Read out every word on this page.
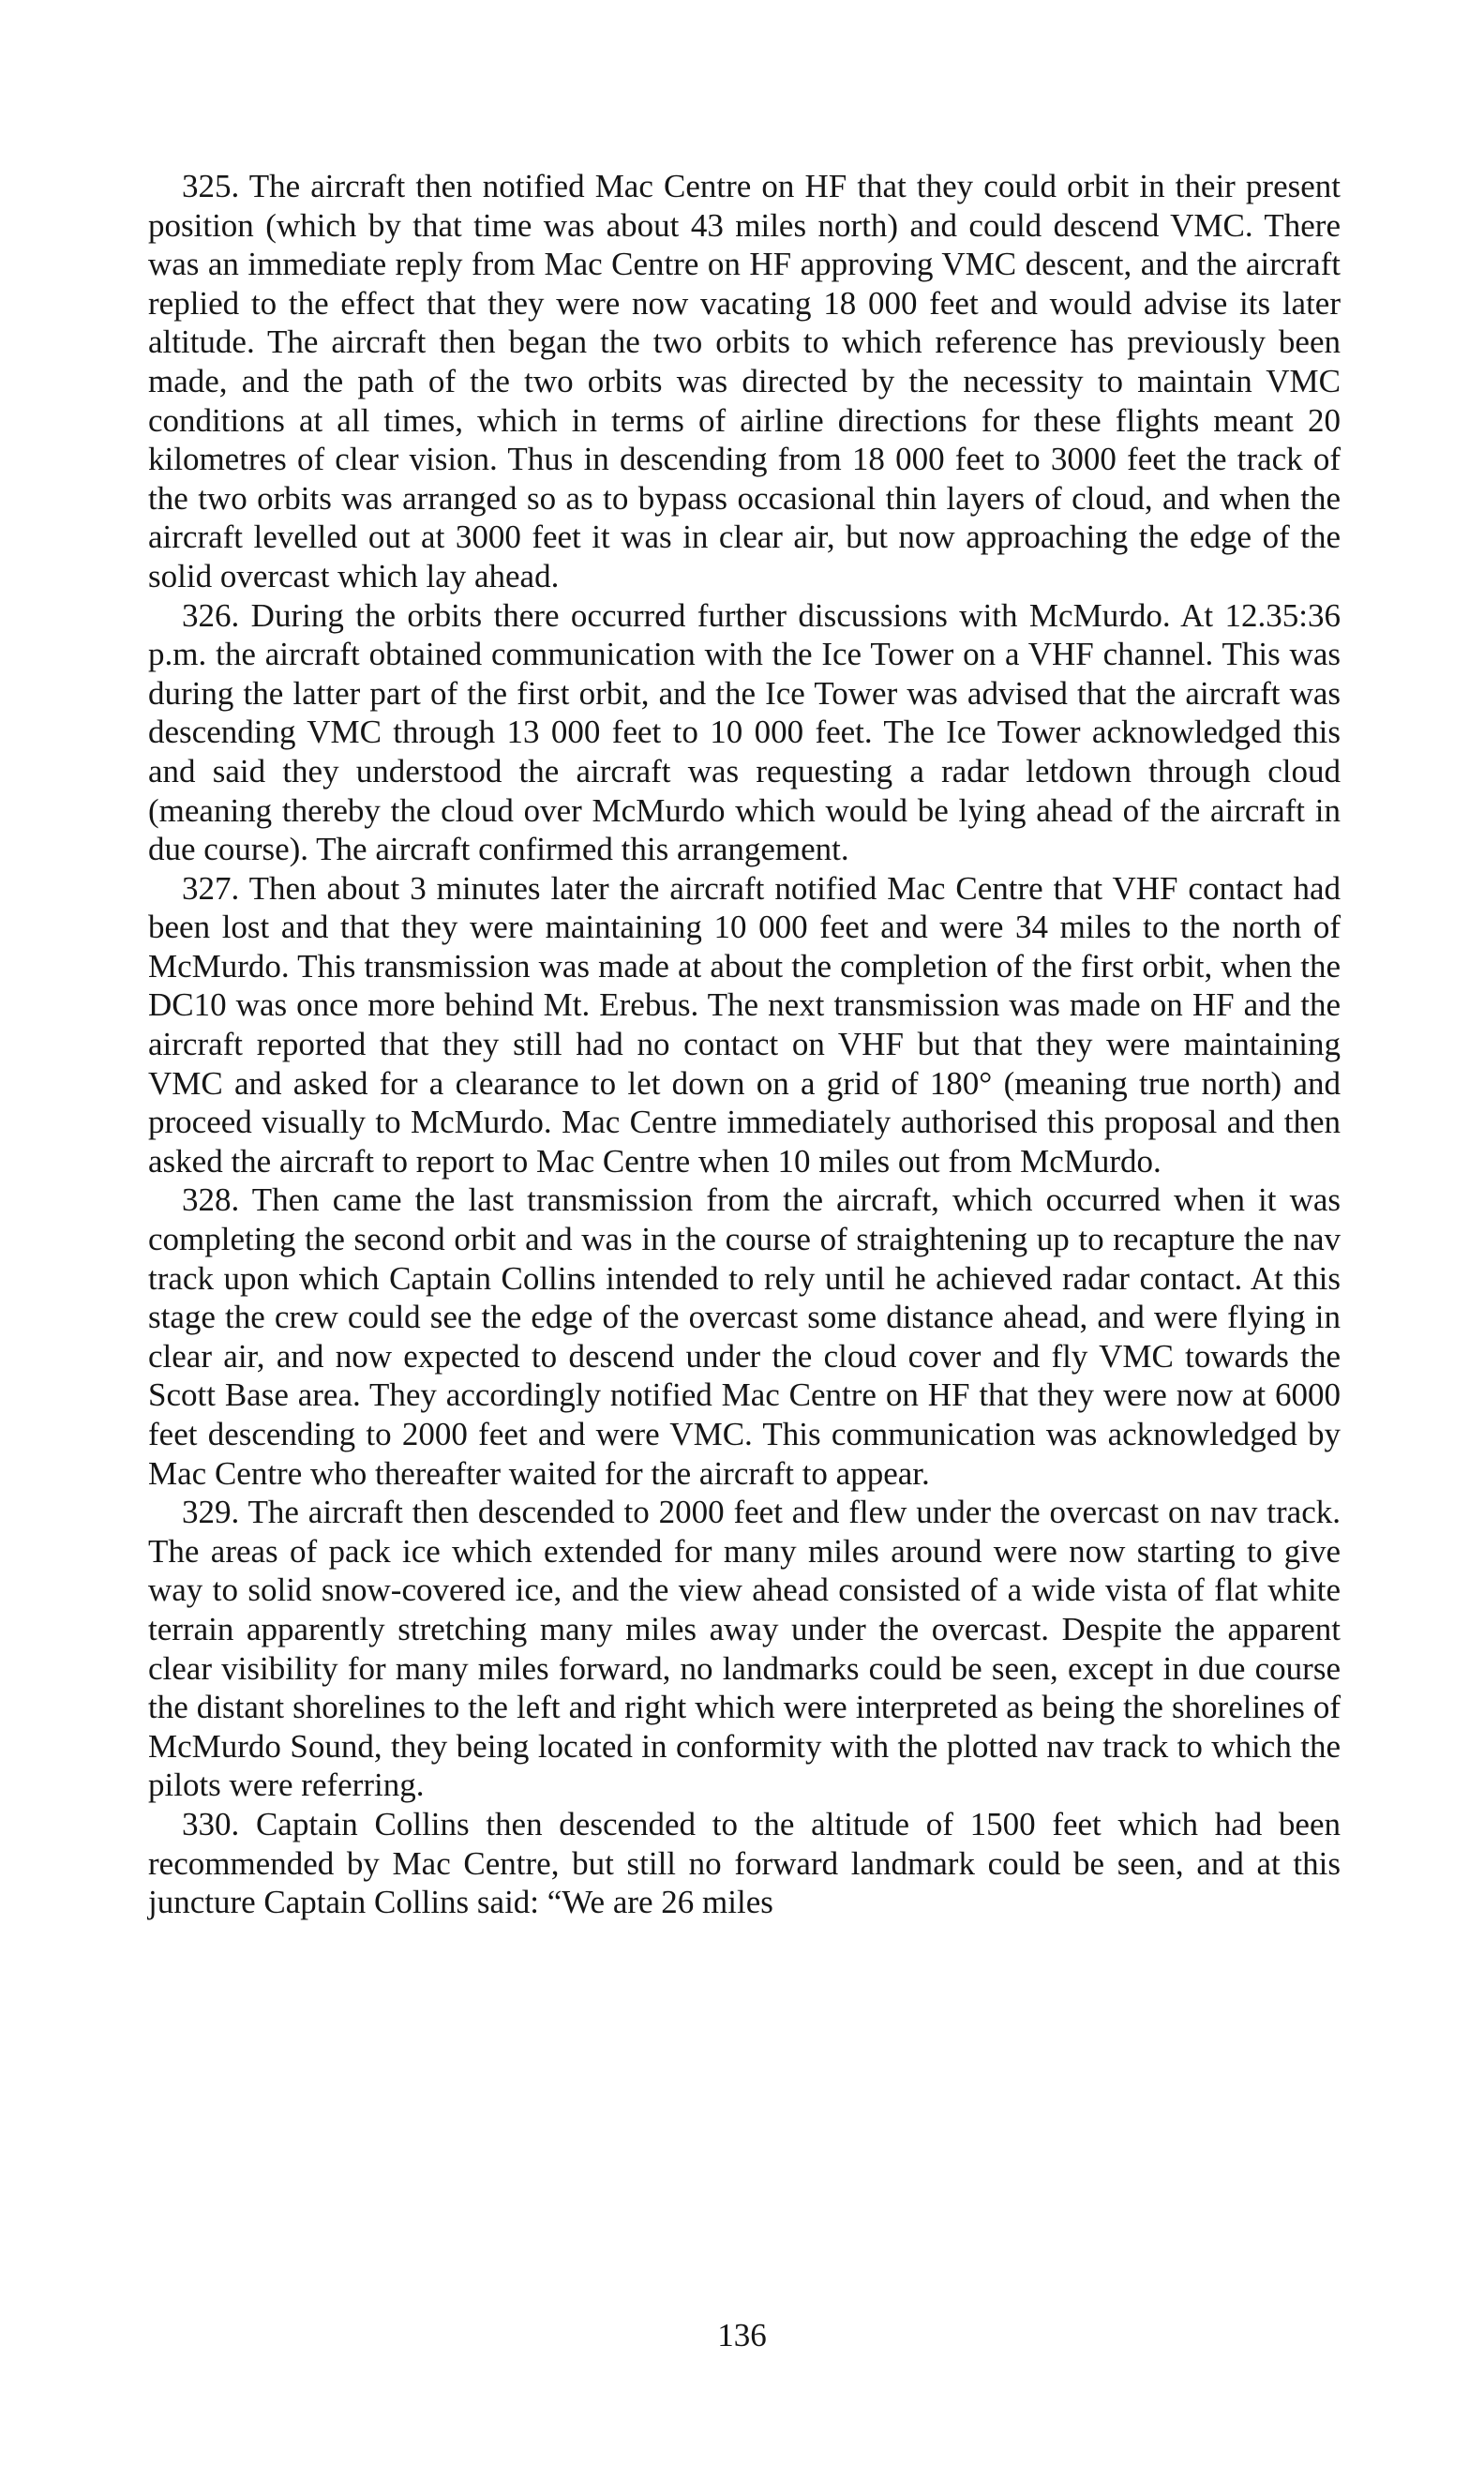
325. The aircraft then notified Mac Centre on HF that they could orbit in their present position (which by that time was about 43 miles north) and could descend VMC. There was an immediate reply from Mac Centre on HF approving VMC descent, and the aircraft replied to the effect that they were now vacating 18 000 feet and would advise its later altitude. The aircraft then began the two orbits to which reference has previously been made, and the path of the two orbits was directed by the necessity to maintain VMC conditions at all times, which in terms of airline directions for these flights meant 20 kilometres of clear vision. Thus in descending from 18 000 feet to 3000 feet the track of the two orbits was arranged so as to bypass occasional thin layers of cloud, and when the aircraft levelled out at 3000 feet it was in clear air, but now approaching the edge of the solid overcast which lay ahead.

326. During the orbits there occurred further discussions with McMurdo. At 12.35:36 p.m. the aircraft obtained communication with the Ice Tower on a VHF channel. This was during the latter part of the first orbit, and the Ice Tower was advised that the aircraft was descending VMC through 13 000 feet to 10 000 feet. The Ice Tower acknowledged this and said they understood the aircraft was requesting a radar letdown through cloud (meaning thereby the cloud over McMurdo which would be lying ahead of the aircraft in due course). The aircraft confirmed this arrangement.

327. Then about 3 minutes later the aircraft notified Mac Centre that VHF contact had been lost and that they were maintaining 10 000 feet and were 34 miles to the north of McMurdo. This transmission was made at about the completion of the first orbit, when the DC10 was once more behind Mt. Erebus. The next transmission was made on HF and the aircraft reported that they still had no contact on VHF but that they were maintaining VMC and asked for a clearance to let down on a grid of 180° (meaning true north) and proceed visually to McMurdo. Mac Centre immediately authorised this proposal and then asked the aircraft to report to Mac Centre when 10 miles out from McMurdo.

328. Then came the last transmission from the aircraft, which occurred when it was completing the second orbit and was in the course of straightening up to recapture the nav track upon which Captain Collins intended to rely until he achieved radar contact. At this stage the crew could see the edge of the overcast some distance ahead, and were flying in clear air, and now expected to descend under the cloud cover and fly VMC towards the Scott Base area. They accordingly notified Mac Centre on HF that they were now at 6000 feet descending to 2000 feet and were VMC. This communication was acknowledged by Mac Centre who thereafter waited for the aircraft to appear.

329. The aircraft then descended to 2000 feet and flew under the overcast on nav track. The areas of pack ice which extended for many miles around were now starting to give way to solid snow-covered ice, and the view ahead consisted of a wide vista of flat white terrain apparently stretching many miles away under the overcast. Despite the apparent clear visibility for many miles forward, no landmarks could be seen, except in due course the distant shorelines to the left and right which were interpreted as being the shorelines of McMurdo Sound, they being located in conformity with the plotted nav track to which the pilots were referring.

330. Captain Collins then descended to the altitude of 1500 feet which had been recommended by Mac Centre, but still no forward landmark could be seen, and at this juncture Captain Collins said: “We are 26 miles

136
